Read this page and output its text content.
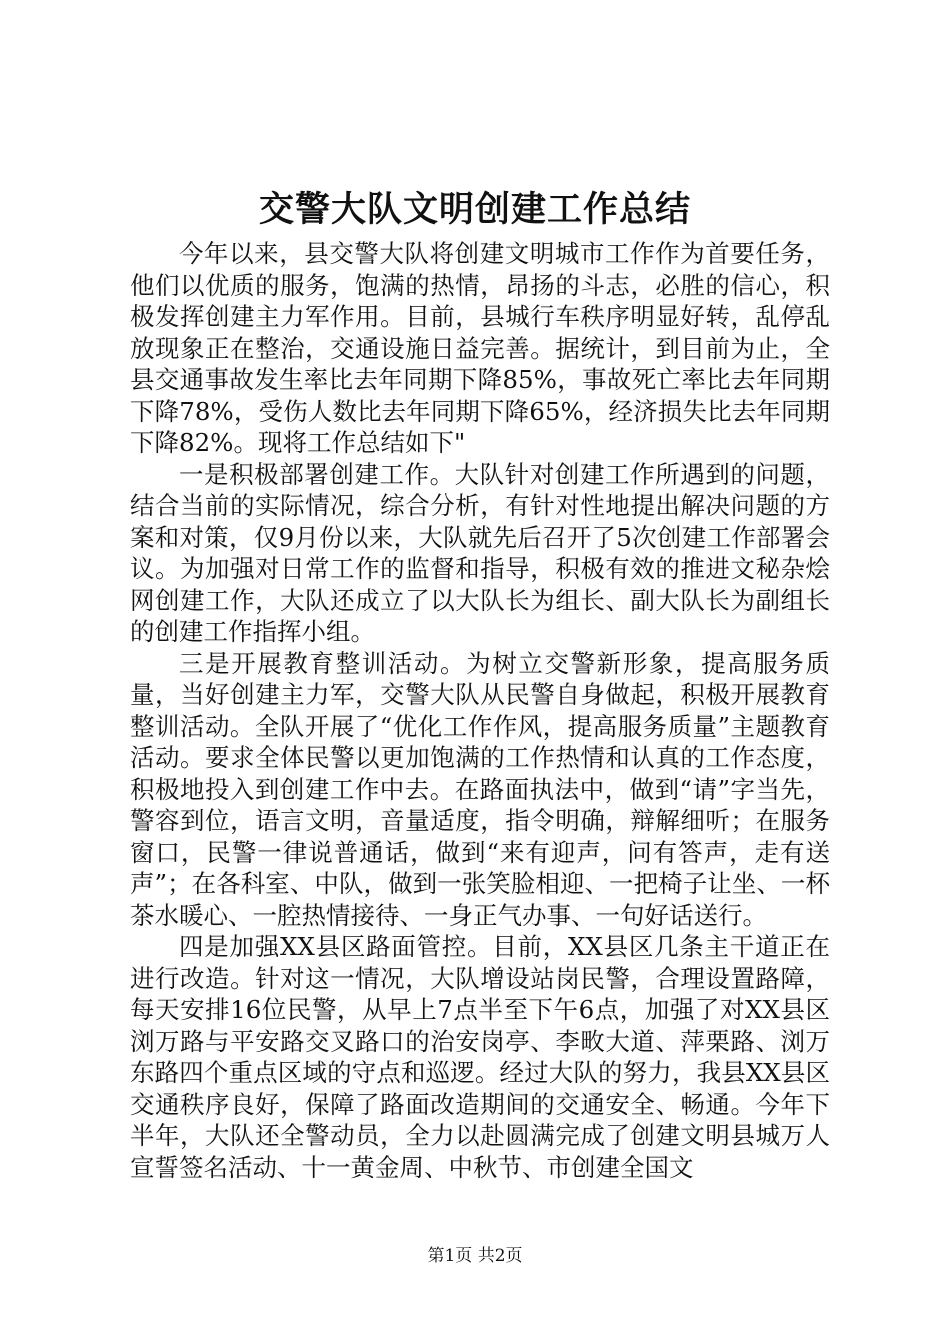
交警大队文明创建工作总结

今年以来，县交警大队将创建文明城市工作作为首要任务，他们以优质的服务，饱满的热情，昂扬的斗志，必胜的信心，积极发挥创建主力军作用。目前，县城行车秩序明显好转，乱停乱放现象正在整治，交通设施日益完善。据统计，到目前为止，全县交通事故发生率比去年同期下降85%，事故死亡率比去年同期下降78%，受伤人数比去年同期下降65%，经济损失比去年同期下降82%。现将工作总结如下"

一是积极部署创建工作。大队针对创建工作所遇到的问题，结合当前的实际情况，综合分析，有针对性地提出解决问题的方案和对策，仅9月份以来，大队就先后召开了5次创建工作部署会议。为加强对日常工作的监督和指导，积极有效的推进文秘杂烩网创建工作，大队还成立了以大队长为组长、副大队长为副组长的创建工作指挥小组。

三是开展教育整训活动。为树立交警新形象，提高服务质量，当好创建主力军，交警大队从民警自身做起，积极开展教育整训活动。全队开展了“优化工作作风，提高服务质量”主题教育活动。要求全体民警以更加饱满的工作热情和认真的工作态度，积极地投入到创建工作中去。在路面执法中，做到“请”字当先，警容到位，语言文明，音量适度，指令明确，辩解细听；在服务窗口，民警一律说普通话，做到“来有迎声，问有答声，走有送声”；在各科室、中队，做到一张笑脸相迎、一把椅子让坐、一杯茶水暖心、一腔热情接待、一身正气办事、一句好话送行。

四是加强XX县区路面管控。目前，XX县区几条主干道正在进行改造。针对这一情况，大队增设站岗民警，合理设置路障，每天安排16位民警，从早上7点半至下午6点，加强了对XX县区浏万路与平安路交叉路口的治安岗亭、李畋大道、萍栗路、浏万东路四个重点区域的守点和巡逻。经过大队的努力，我县XX县区交通秩序良好，保障了路面改造期间的交通安全、畅通。今年下半年，大队还全警动员，全力以赴圆满完成了创建文明县城万人宣誓签名活动、十一黄金周、中秋节、市创建全国文

第1页 共2页
